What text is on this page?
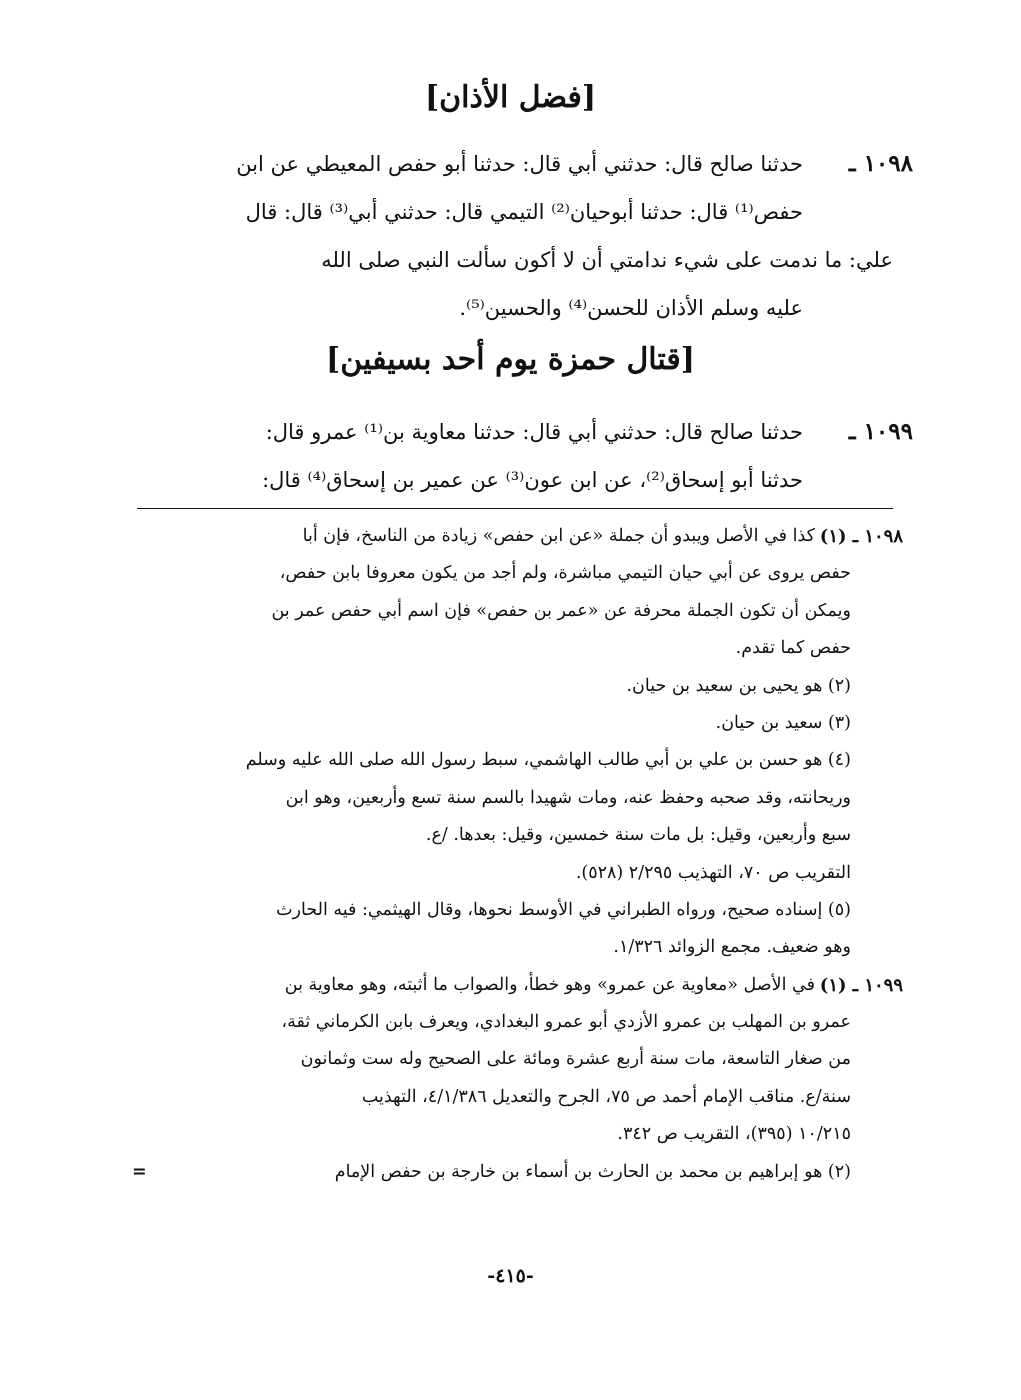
[فضل الأذان]
١٠٩٨ ـ
حدثنا صالح قال: حدثني أبي قال: حدثنا أبو حفص المعيطي عن ابن
حفص⁽¹⁾ قال: حدثنا أبوحيان⁽²⁾ التيمي قال: حدثني أبي⁽³⁾ قال: قال
علي: ما ندمت على شيء ندامتي أن لا أكون سألت النبي صلى الله
عليه وسلم الأذان للحسن⁽⁴⁾ والحسين⁽⁵⁾.
[قتال حمزة يوم أحد بسيفين]
١٠٩٩ ـ
حدثنا صالح قال: حدثني أبي قال: حدثنا معاوية بن⁽¹⁾ عمرو قال:
حدثنا أبو إسحاق⁽²⁾، عن ابن عون⁽³⁾ عن عمير بن إسحاق⁽⁴⁾ قال:
١٠٩٨ ـ (١)
كذا في الأصل ويبدو أن جملة «عن ابن حفص» زيادة من الناسخ، فإن أبا
حفص يروى عن أبي حيان التيمي مباشرة، ولم أجد من يكون معروفا بابن حفص،
ويمكن أن تكون الجملة محرفة عن «عمر بن حفص» فإن اسم أبي حفص عمر بن
حفص كما تقدم.
(٢) هو يحيى بن سعيد بن حيان.
(٣) سعيد بن حيان.
(٤) هو حسن بن علي بن أبي طالب الهاشمي، سبط رسول الله صلى الله عليه وسلم
وريحانته، وقد صحبه وحفظ عنه، ومات شهيدا بالسم سنة تسع وأربعين، وهو ابن
سبع وأربعين، وقيل: بل مات سنة خمسين، وقيل: بعدها. /ع.
التقريب ص ٧٠، التهذيب ٢/٢٩٥ (٥٢٨).
(٥) إسناده صحيح، ورواه الطبراني في الأوسط نحوها، وقال الهيثمي: فيه الحارث
وهو ضعيف. مجمع الزوائد ١/٣٢٦.
١٠٩٩ ـ (١)
في الأصل «معاوية عن عمرو» وهو خطأ، والصواب ما أثبته، وهو معاوية بن
عمرو بن المهلب بن عمرو الأزدي أبو عمرو البغدادي، ويعرف بابن الكرماني ثقة،
من صغار التاسعة، مات سنة أربع عشرة ومائة على الصحيح وله ست وثمانون
سنة/ع. مناقب الإمام أحمد ص ٧٥، الجرح والتعديل ٤/١/٣٨٦، التهذيب
١٠/٢١٥ (٣٩٥)، التقريب ص ٣٤٢.
(٢) هو إبراهيم بن محمد بن الحارث بن أسماء بن خارجة بن حفص الإمام
=
-٤١٥-
